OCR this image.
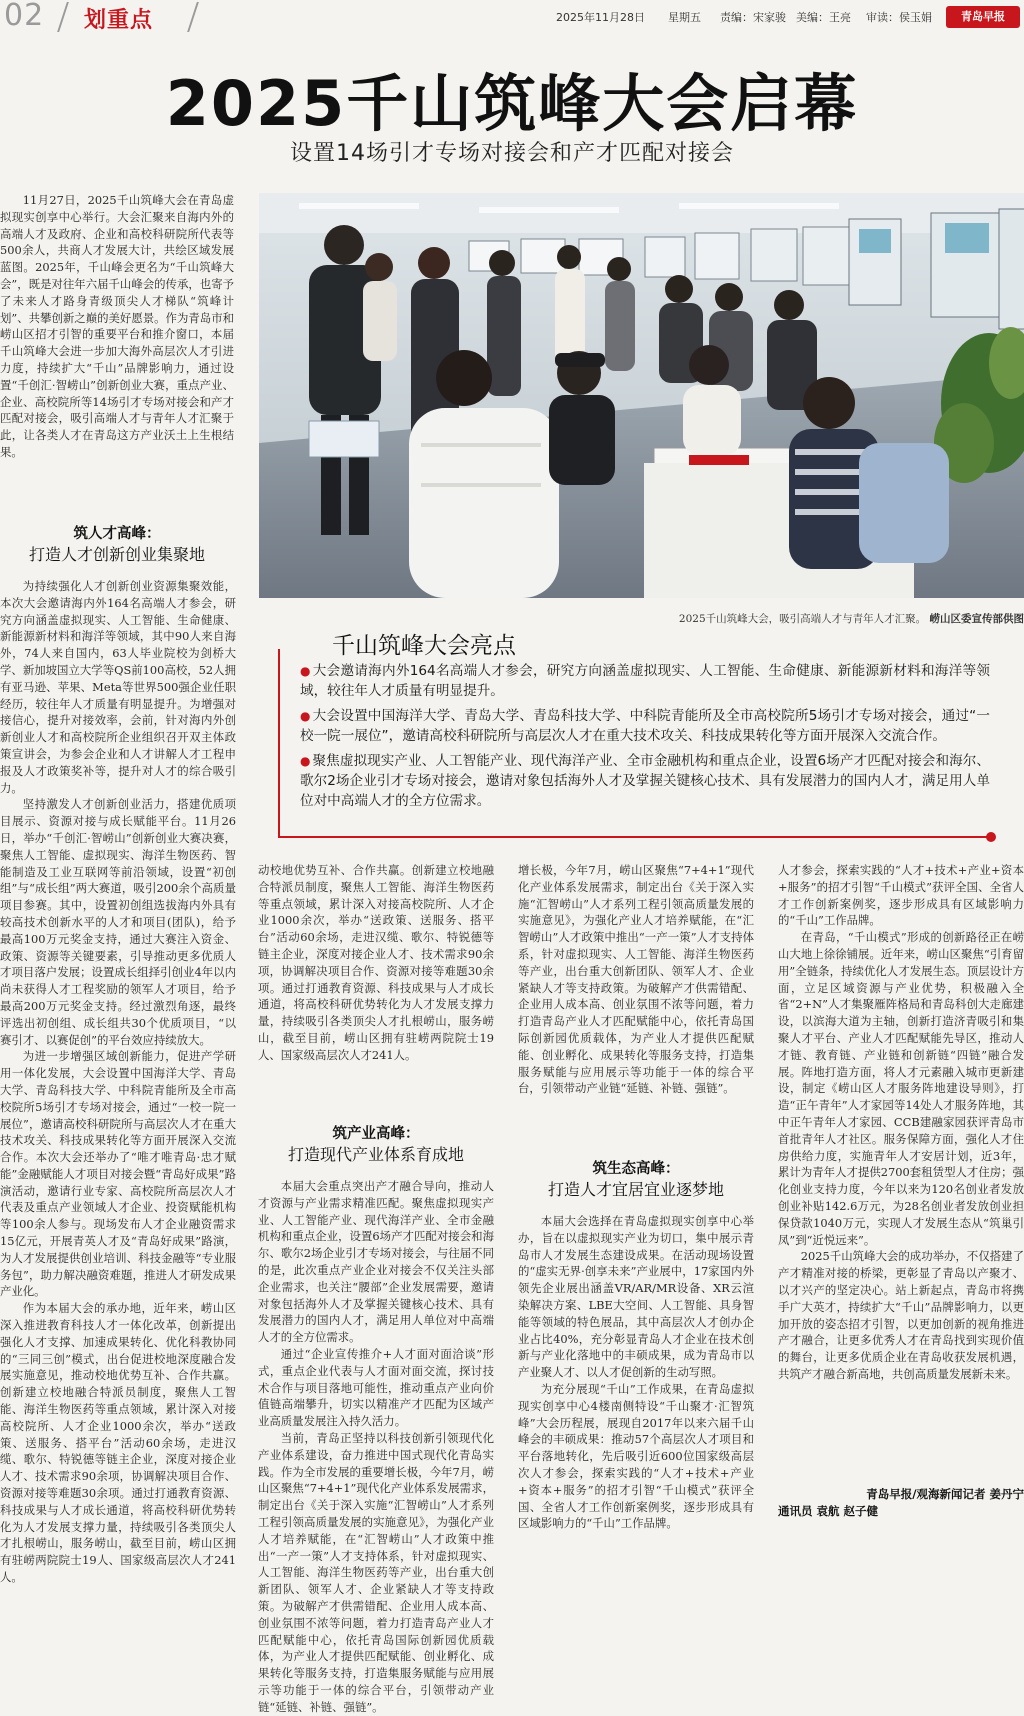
02 划重点	2025年11月28日 星期五 责编：宋家骏 美编：王亮 审读：侯玉娟	青岛早报
2025千山筑峰大会启幕
设置14场引才专场对接会和产才匹配对接会

11月27日，2025千山筑峰大会在青岛虚拟现实创享中心举行。大会汇聚来自海内外的高端人才及政府、企业和高校科研院所代表等500余人，共商人才发展大计，共绘区域发展蓝图。2025年，千山峰会更名为“千山筑峰大会”，既是对往年六届千山峰会的传承，也寄予了未来人才路身青级顶尖人才梯队“筑峰计划”、共攀创新之巅的美好愿景。作为青岛市和崂山区招才引智的重要平台和推介窗口，本届千山筑峰大会进一步加大海外高层次人才引进力度，持续扩大“千山”品牌影响力，通过设置“千创汇·智崂山”创新创业大赛，重点产业、企业、高校院所等14场引才专场对接会和产才匹配对接会，吸引高端人才与青年人才汇聚于此，让各类人才在青岛这方产业沃土上生根结果。

筑人才高峰：
打造人才创新创业集聚地

为持续强化人才创新创业资源集聚效能，本次大会邀请海内外164名高端人才参会，研究方向涵盖虚拟现实、人工智能、生命健康、新能源新材料和海洋等领域，其中90人来自海外，74人来自国内，63人毕业院校为剑桥大学、新加坡国立大学等QS前100高校，52人拥有亚马逊、苹果、Meta等世界500强企业任职经历，较往年人才质量有明显提升。为增强对接信心，提升对接效率，会前，针对海内外创新创业人才和高校院所企业组织召开双主体政策宣讲会，为参会企业和人才讲解人才工程申报及人才政策奖补等，提升对人才的综合吸引力。

坚持激发人才创新创业活力，搭建优质项目展示、资源对接与成长赋能平台。11月26日，举办“千创汇·智崂山”创新创业大赛决赛，聚焦人工智能、虚拟现实、海洋生物医药、智能制造及工业互联网等前沿领域，设置“初创组”与“成长组”两大赛道，吸引200余个高质量项目参赛。其中，设置初创组选拔海内外具有较高技术创新水平的人才和项目(团队)，给予最高100万元奖金支持，通过大赛注入资金、政策、资源等关键要素，引导推动更多优质人才项目落户发展；设置成长组择引创业4年以内尚未获得人才工程奖励的领军人才项目，给予最高200万元奖金支持。经过激烈角逐，最终评选出初创组、成长组共30个优质项目，“以赛引才、以赛促创”的平台效应持续放大。

为进一步增强区域创新能力，促进产学研用一体化发展，大会设置中国海洋大学、青岛大学、青岛科技大学、中科院青能所及全市高校院所5场引才专场对接会，通过“一校一院一展位”，邀请高校科研院所与高层次人才在重大技术攻关、科技成果转化等方面开展深入交流合作。本次大会还举办了“唯才唯青岛·忠才赋能”金融赋能人才项目对接会暨“青岛好成果”路演活动，邀请行业专家、高校院所高层次人才代表及重点产业领域人才企业、投资赋能机构等100余人参与。现场发布人才企业融资需求15亿元，开展青英人才及“青岛好成果”路演，为人才发展提供创业培训、科技金融等“专业服务包”，助力解决融资难题，推进人才研发成果产业化。

作为本届大会的承办地，近年来，崂山区深入推进教育科技人才一体化改革，创新提出强化人才支撑、加速成果转化、优化科教协同的“三同三创”模式，出台促进校地深度融合发展实施意见，推动校地优势互补、合作共赢。创新建立校地融合特派员制度，聚焦人工智能、海洋生物医药等重点领域，累计深入对接高校院所、人才企业1000余次，举办“送政策、送服务、搭平台”活动60余场，走进汉缆、歌尔、特锐德等链主企业，深度对接企业人才、技术需求90余项，协调解决项目合作、资源对接等难题30余项。通过打通教育资源、科技成果与人才成长通道，将高校科研优势转化为人才发展支撑力量，持续吸引各类顶尖人才扎根崂山，服务崂山，截至目前，崂山区拥有驻崂两院院士19人、国家级高层次人才241人。

2025千山筑峰大会，吸引高端人才与青年人才汇聚。 崂山区委宣传部供图
千山筑峰大会亮点
● 大会邀请海内外164名高端人才参会，研究方向涵盖虚拟现实、人工智能、生命健康、新能源新材料和海洋等领域，较往年人才质量有明显提升。
● 大会设置中国海洋大学、青岛大学、青岛科技大学、中科院青能所及全市高校院所5场引才专场对接会，通过“一校一院一展位”，邀请高校科研院所与高层次人才在重大技术攻关、科技成果转化等方面开展深入交流合作。
● 聚焦虚拟现实产业、人工智能产业、现代海洋产业、全市金融机构和重点企业，设置6场产才匹配对接会和海尔、歌尔2场企业引才专场对接会，邀请对象包括海外人才及掌握关键核心技术、具有发展潜力的国内人才，满足用人单位对中高端人才的全方位需求。

动校地优势互补、合作共赢。创新建立校地融合特派员制度，聚焦人工智能、海洋生物医药等重点领域，累计深入对接高校院所、人才企业1000余次，举办“送政策、送服务、搭平台”活动60余场，走进汉缆、歌尔、特锐德等链主企业，深度对接企业人才、技术需求90余项，协调解决项目合作、资源对接等难题30余项。通过打通教育资源、科技成果与人才成长通道，将高校科研优势转化为人才发展支撑力量，持续吸引各类顶尖人才扎根崂山，服务崂山，截至目前，崂山区拥有驻崂两院院士19人、国家级高层次人才241人。

筑产业高峰：
打造现代产业体系育成地

本届大会重点突出产才融合导向，推动人才资源与产业需求精准匹配。聚焦虚拟现实产业、人工智能产业、现代海洋产业、全市金融机构和重点企业，设置6场产才匹配对接会和海尔、歌尔2场企业引才专场对接会，与往届不同的是，此次重点产业企业对接会不仅关注头部企业需求，也关注“腰部”企业发展需要，邀请对象包括海外人才及掌握关键核心技术、具有发展潜力的国内人才，满足用人单位对中高端人才的全方位需求。

通过“企业宣传推介+人才面对面洽谈”形式，重点企业代表与人才面对面交流，探讨技术合作与项目落地可能性，推动重点产业向价值链高端攀升，切实以精准产才匹配为区域产业高质量发展注入持久活力。

当前，青岛正坚持以科技创新引领现代化产业体系建设，奋力推进中国式现代化青岛实践。作为全市发展的重要增长极，今年7月，崂山区聚焦“7+4+1”现代化产业体系发展需求，制定出台《关于深入实施“汇智崂山”人才系列工程引领高质量发展的实施意见》，为强化产业人才培养赋能，在“汇智崂山”人才政策中推出“一产一策”人才支持体系，针对虚拟现实、人工智能、海洋生物医药等产业，出台重大创新团队、领军人才、企业紧缺人才等支持政策。为破解产才供需错配、企业用人成本高、创业氛围不浓等问题，着力打造青岛产业人才匹配赋能中心，依托青岛国际创新园优质载体，为产业人才提供匹配赋能、创业孵化、成果转化等服务支持，打造集服务赋能与应用展示等功能于一体的综合平台，引领带动产业链“延链、补链、强链”。

增长极，今年7月，崂山区聚焦“7+4+1”现代化产业体系发展需求，制定出台《关于深入实施“汇智崂山”人才系列工程引领高质量发展的实施意见》，为强化产业人才培养赋能，在“汇智崂山”人才政策中推出“一产一策”人才支持体系，针对虚拟现实、人工智能、海洋生物医药等产业，出台重大创新团队、领军人才、企业紧缺人才等支持政策。为破解产才供需错配、企业用人成本高、创业氛围不浓等问题，着力打造青岛产业人才匹配赋能中心，依托青岛国际创新园优质载体，为产业人才提供匹配赋能、创业孵化、成果转化等服务支持，打造集服务赋能与应用展示等功能于一体的综合平台，引领带动产业链“延链、补链、强链”。

筑生态高峰：
打造人才宜居宜业逐梦地

本届大会选择在青岛虚拟现实创享中心举办，旨在以虚拟现实产业为切口，集中展示青岛市人才发展生态建设成果。在活动现场设置的“虚实无界·创享未来”产业展中，17家国内外领先企业展出涵盖VR/AR/MR设备、XR云渲染解决方案、LBE大空间、人工智能、具身智能等领域的特色展品，其中高层次人才创办企业占比40%，充分彰显青岛人才企业在技术创新与产业化落地中的丰硕成果，成为青岛市以产业聚人才、以人才促创新的生动写照。

为充分展现“千山”工作成果，在青岛虚拟现实创享中心4楼南侧特设“千山聚才·汇智筑峰”大会历程展，展现自2017年以来六届千山峰会的丰硕成果：推动57个高层次人才项目和平台落地转化，先后吸引近600位国家级高层次人才参会，探索实践的“人才+技术+产业+资本+服务”的招才引智“千山模式”获评全国、全省人才工作创新案例奖，逐步形成具有区域影响力的“千山”工作品牌。

人才参会，探索实践的“人才+技术+产业+资本+服务”的招才引智“千山模式”获评全国、全省人才工作创新案例奖，逐步形成具有区域影响力的“千山”工作品牌。

在青岛，“千山模式”形成的创新路径正在崂山大地上徐徐铺展。近年来，崂山区聚焦“引育留用”全链条，持续优化人才发展生态。顶层设计方面，立足区域资源与产业优势，积极融入全省“2+N”人才集聚雁阵格局和青岛科创大走廊建设，以滨海大道为主轴，创新打造济青吸引和集聚人才平台、产业人才匹配赋能先导区，推动人才链、教育链、产业链和创新链“四链”融合发展。阵地打造方面，将人才元素融入城市更新建设，制定《崂山区人才服务阵地建设导则》，打造“正午青年”人才家园等14处人才服务阵地，其中正午青年人才家园、CCB建融家园获评青岛市首批青年人才社区。服务保障方面，强化人才住房供给力度，实施青年人才安居计划，近3年，累计为青年人才提供2700套租赁型人才住房；强化创业支持力度，今年以来为120名创业者发放创业补贴142.6万元，为28名创业者发放创业担保贷款1040万元，实现人才发展生态从“筑巢引凤”到“近悦远来”。

2025千山筑峰大会的成功举办，不仅搭建了产才精准对接的桥梁，更彰显了青岛以产聚才、以才兴产的坚定决心。站上新起点，青岛市将携手广大英才，持续扩大“千山”品牌影响力，以更加开放的姿态招才引智，以更加创新的视角推进产才融合，让更多优秀人才在青岛找到实现价值的舞台，让更多优质企业在青岛收获发展机遇，共筑产才融合新高地，共创高质量发展新未来。

青岛早报/观海新闻记者 姜丹宁
通讯员 袁航 赵子健
